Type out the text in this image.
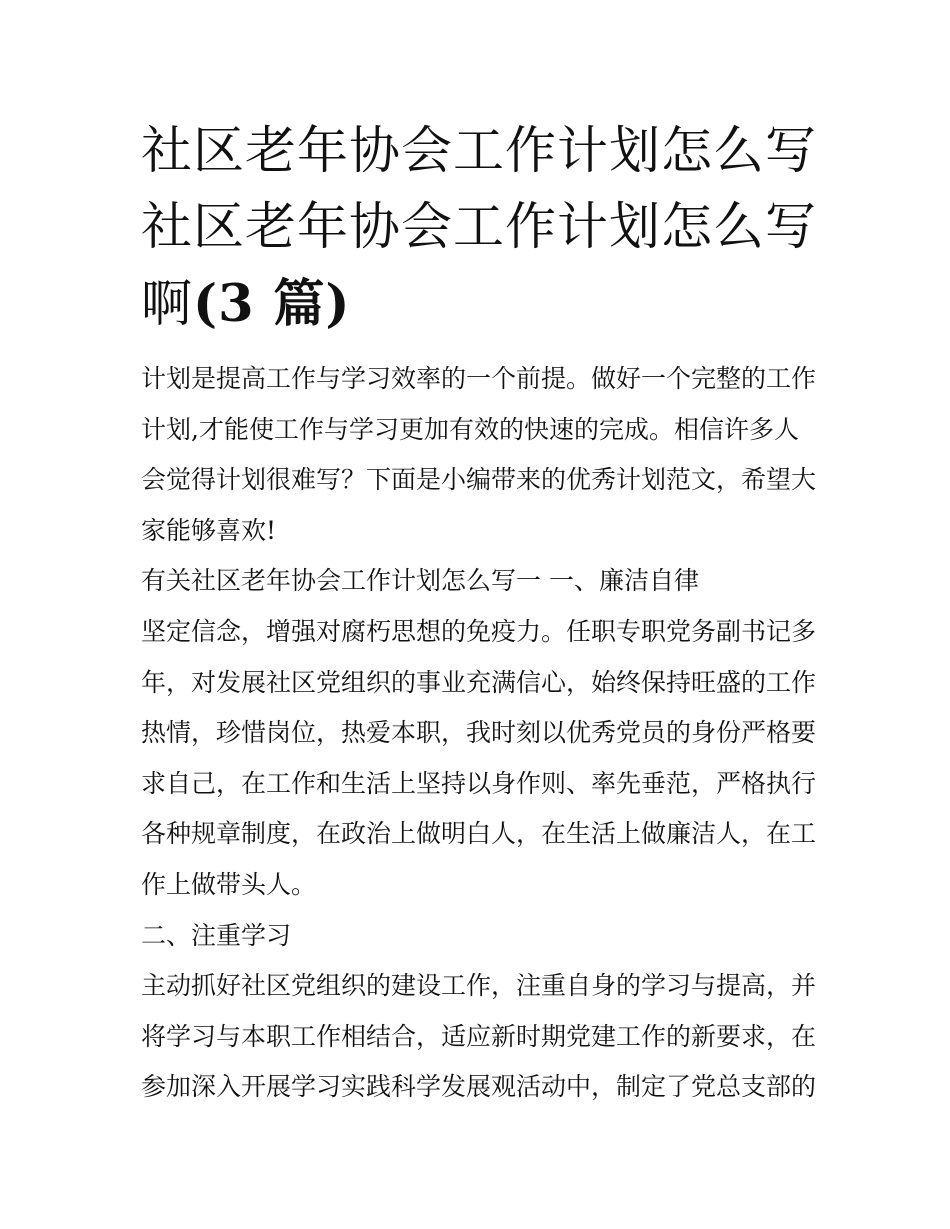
社区老年协会工作计划怎么写
社区老年协会工作计划怎么写
啊(3 篇)
计划是提高工作与学习效率的一个前提。做好一个完整的工作
计划,才能使工作与学习更加有效的快速的完成。相信许多人
会觉得计划很难写？下面是小编带来的优秀计划范文，希望大
家能够喜欢!
有关社区老年协会工作计划怎么写一 一、廉洁自律
坚定信念，增强对腐朽思想的免疫力。任职专职党务副书记多
年，对发展社区党组织的事业充满信心，始终保持旺盛的工作
热情，珍惜岗位，热爱本职，我时刻以优秀党员的身份严格要
求自己，在工作和生活上坚持以身作则、率先垂范，严格执行
各种规章制度，在政治上做明白人，在生活上做廉洁人，在工
作上做带头人。
二、注重学习
主动抓好社区党组织的建设工作，注重自身的学习与提高，并
将学习与本职工作相结合，适应新时期党建工作的新要求，在
参加深入开展学习实践科学发展观活动中，制定了党总支部的
